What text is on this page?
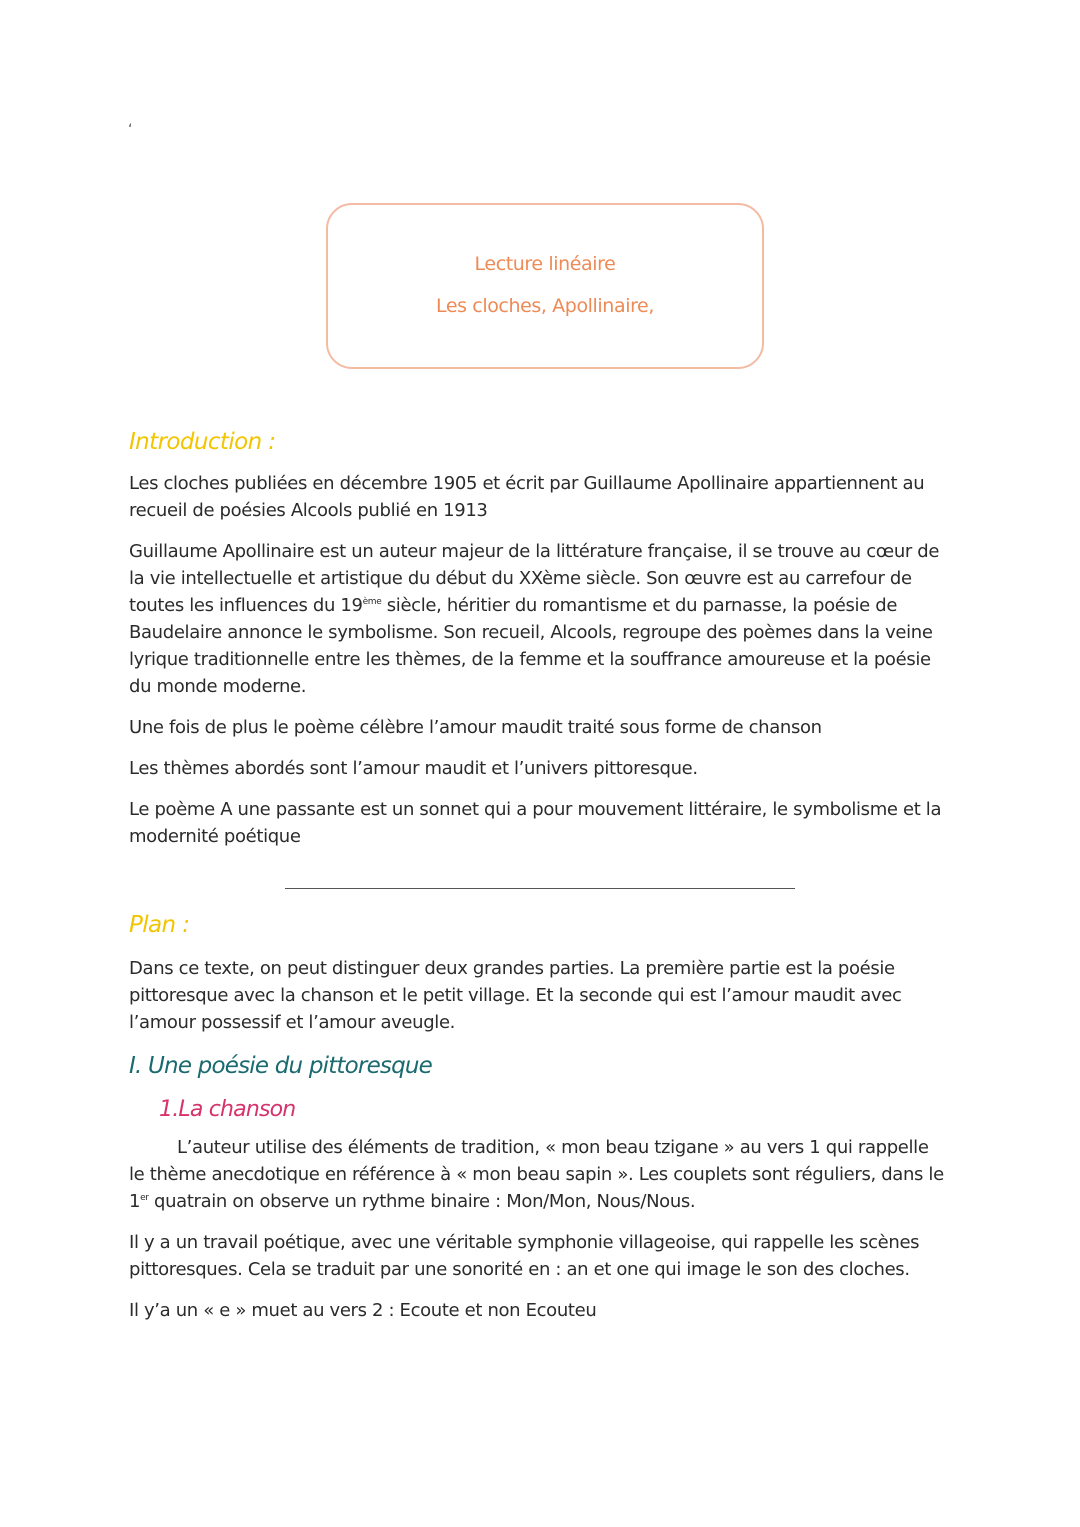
‘
Lecture linéaire
Les cloches, Apollinaire,
Introduction :

Les cloches publiées en décembre 1905 et écrit par Guillaume Apollinaire appartiennent au recueil de poésies Alcools publié en 1913

Guillaume Apollinaire est un auteur majeur de la littérature française, il se trouve au cœur de la vie intellectuelle et artistique du début du XXème siècle. Son œuvre est au carrefour de toutes les influences du 19ème siècle, héritier du romantisme et du parnasse, la poésie de Baudelaire annonce le symbolisme. Son recueil, Alcools, regroupe des poèmes dans la veine lyrique traditionnelle entre les thèmes, de la femme et la souffrance amoureuse et la poésie du monde moderne.

Une fois de plus le poème célèbre l’amour maudit traité sous forme de chanson

Les thèmes abordés sont l’amour maudit et l’univers pittoresque.

Le poème A une passante est un sonnet qui a pour mouvement littéraire, le symbolisme et la modernité poétique

Plan :

Dans ce texte, on peut distinguer deux grandes parties. La première partie est la poésie pittoresque avec la chanson et le petit village. Et la seconde qui est l’amour maudit avec l’amour possessif et l’amour aveugle.

I. Une poésie du pittoresque
1.La chanson

L’auteur utilise des éléments de tradition, « mon beau tzigane » au vers 1 qui rappelle le thème anecdotique en référence à « mon beau sapin ». Les couplets sont réguliers, dans le 1er quatrain on observe un rythme binaire : Mon/Mon, Nous/Nous.

Il y a un travail poétique, avec une véritable symphonie villageoise, qui rappelle les scènes pittoresques. Cela se traduit par une sonorité en : an et one qui image le son des cloches.

Il y’a un « e » muet au vers 2 : Ecoute et non Ecouteu
